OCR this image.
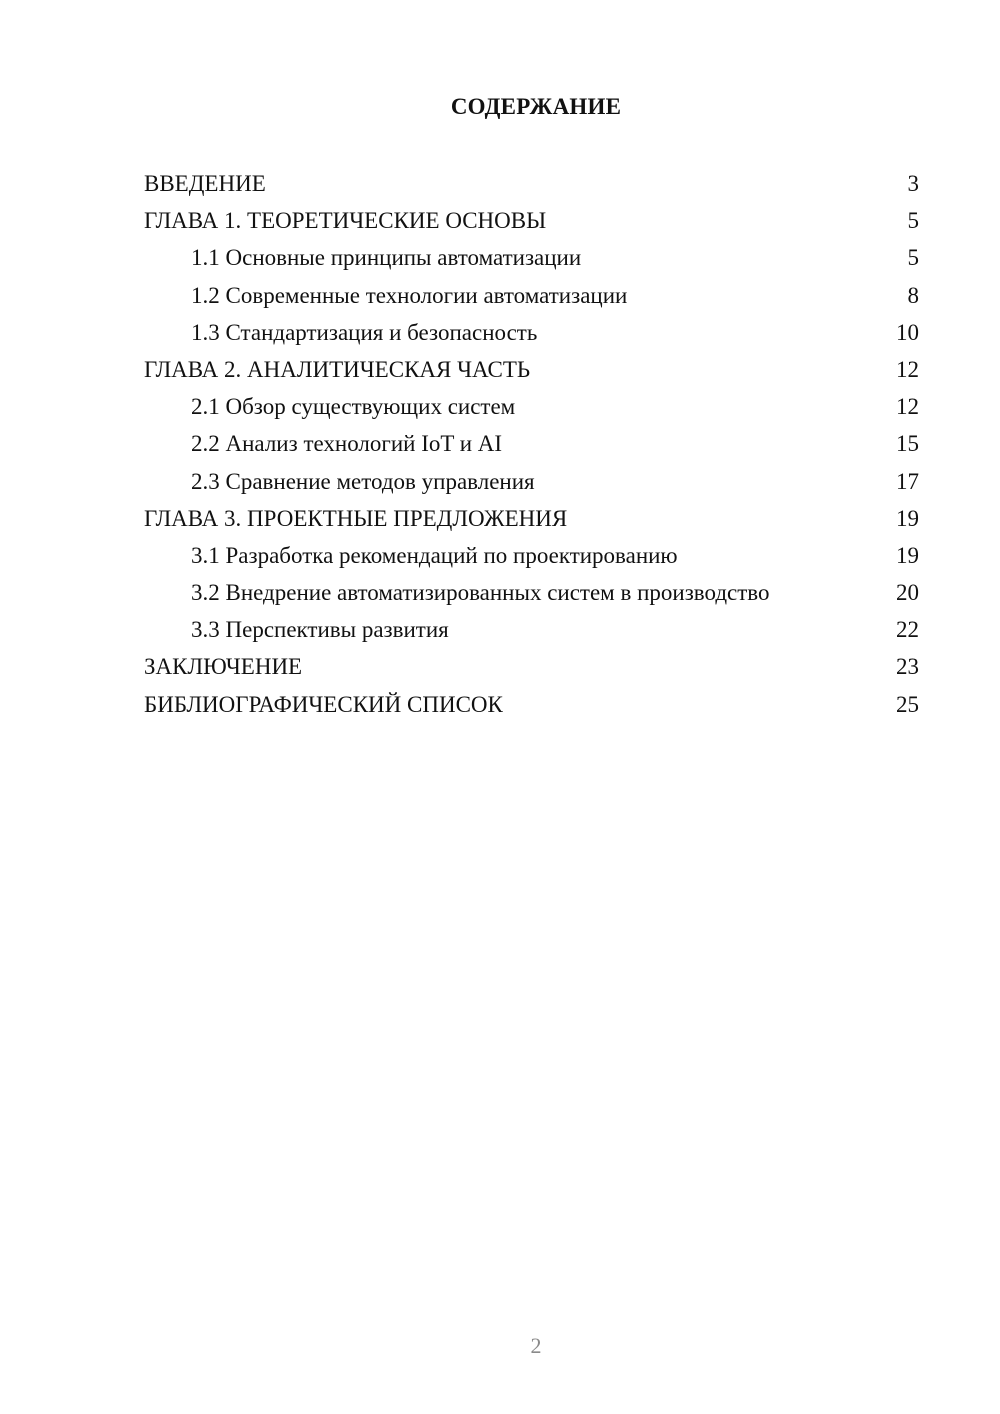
СОДЕРЖАНИЕ
ВВЕДЕНИЕ	3
ГЛАВА 1. ТЕОРЕТИЧЕСКИЕ ОСНОВЫ	5
1.1 Основные принципы автоматизации	5
1.2 Современные технологии автоматизации	8
1.3 Стандартизация и безопасность	10
ГЛАВА 2. АНАЛИТИЧЕСКАЯ ЧАСТЬ	12
2.1 Обзор существующих систем	12
2.2 Анализ технологий IoT и AI	15
2.3 Сравнение методов управления	17
ГЛАВА 3. ПРОЕКТНЫЕ ПРЕДЛОЖЕНИЯ	19
3.1 Разработка рекомендаций по проектированию	19
3.2 Внедрение автоматизированных систем в производство	20
3.3 Перспективы развития	22
ЗАКЛЮЧЕНИЕ	23
БИБЛИОГРАФИЧЕСКИЙ СПИСОК	25
2
